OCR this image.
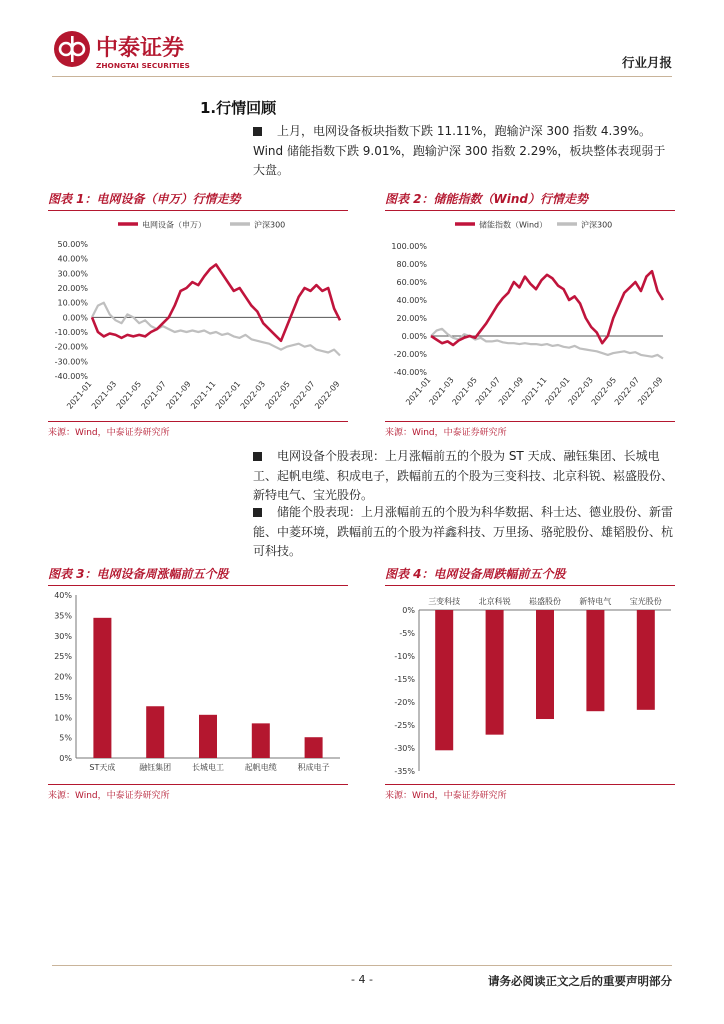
中泰证券
ZHONGTAI SECURITIES	行业月报
1.行情回顾
上月，电网设备板块指数下跌 11.11%，跑输沪深 300 指数 4.39%。Wind 储能指数下跌 9.01%，跑输沪深 300 指数 2.29%，板块整体表现弱于大盘。
图表 1：电网设备（申万）行情走势
电网设备（申万）	沪深300
50.00%
40.00%
30.00%
20.00%
10.00%
0.00%
-10.00%
-20.00%
-30.00%
-40.00%
2021-01
2021-03
2021-05
2021-07
2021-09
2021-11
2022-01
2022-03
2022-05
2022-07
2022-09
来源：Wind，中泰证券研究所
图表 2：储能指数（Wind）行情走势
储能指数（Wind）	沪深300
100.00%
80.00%
60.00%
40.00%
20.00%
0.00%
-20.00%
-40.00%
2021-01
2021-03
2021-05
2021-07
2021-09
2021-11
2022-01
2022-03
2022-05
2022-07
2022-09
来源：Wind，中泰证券研究所
电网设备个股表现：上月涨幅前五的个股为 ST 天成、融钰集团、长城电工、起帆电缆、积成电子，跌幅前五的个股为三变科技、北京科锐、崧盛股份、新特电气、宝光股份。
储能个股表现：上月涨幅前五的个股为科华数据、科士达、德业股份、新雷能、中菱环境，跌幅前五的个股为祥鑫科技、万里扬、骆驼股份、雄韬股份、杭可科技。
图表 3：电网设备周涨幅前五个股
40%
35%
30%
25%
20%
15%
10%
5%
0%
ST天成	融钰集团	长城电工	起帆电缆	积成电子
来源：Wind，中泰证券研究所
图表 4：电网设备周跌幅前五个股
0%
-5%
-10%
-15%
-20%
-25%
-30%
-35%
三变科技 北京科锐 崧盛股份 新特电气 宝光股份
来源：Wind，中泰证券研究所
- 4 -	请务必阅读正文之后的重要声明部分
